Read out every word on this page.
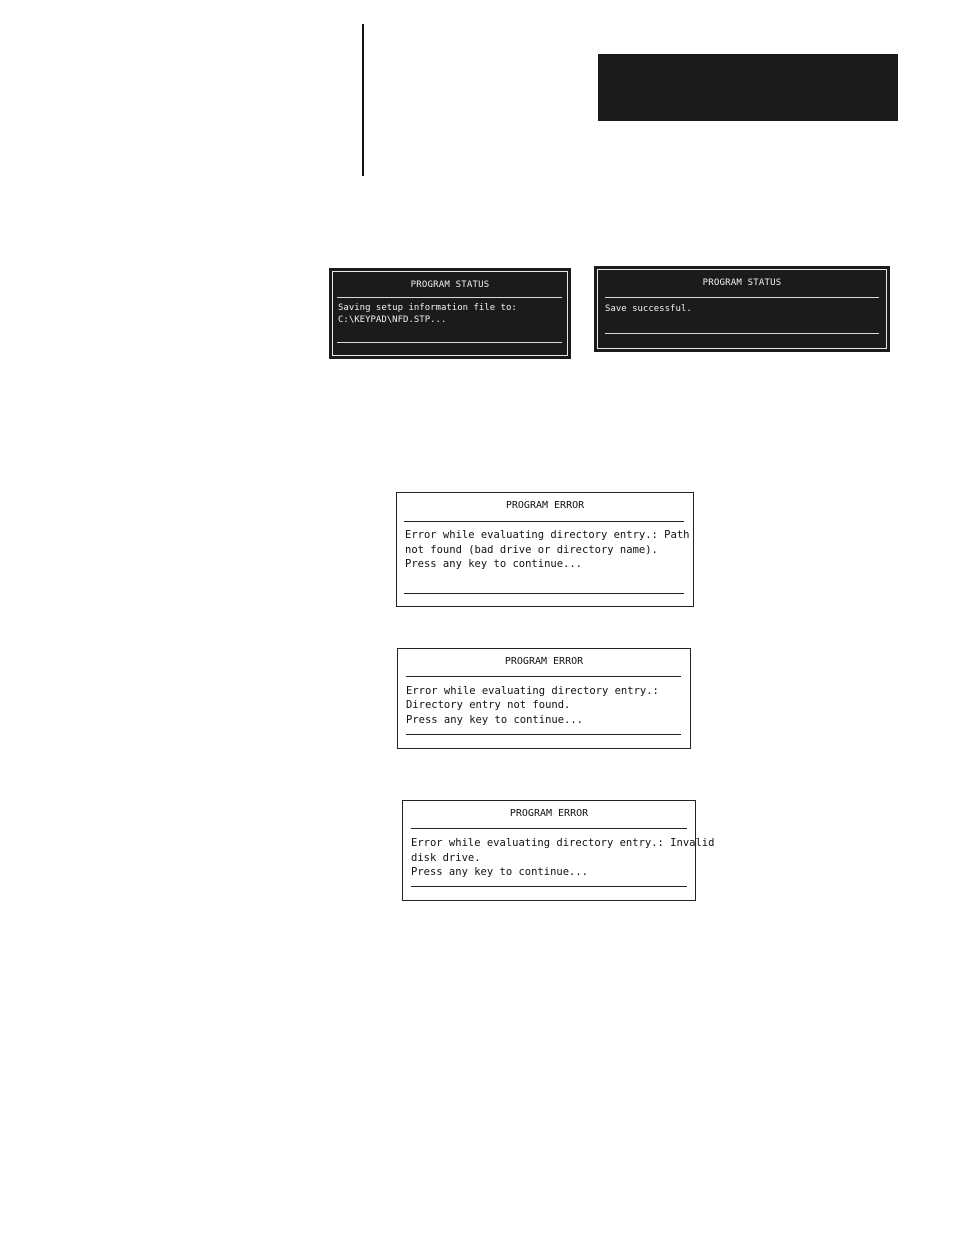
PROGRAM STATUS
Saving setup information file to:
C:\KEYPAD\NFD.STP...
PROGRAM STATUS
Save successful.
PROGRAM ERROR
Error while evaluating directory entry.: Path
not found (bad drive or directory name).
Press any key to continue...
PROGRAM ERROR
Error while evaluating directory entry.:
Directory entry not found.
Press any key to continue...
PROGRAM ERROR
Error while evaluating directory entry.: Invalid
disk drive.
Press any key to continue...
